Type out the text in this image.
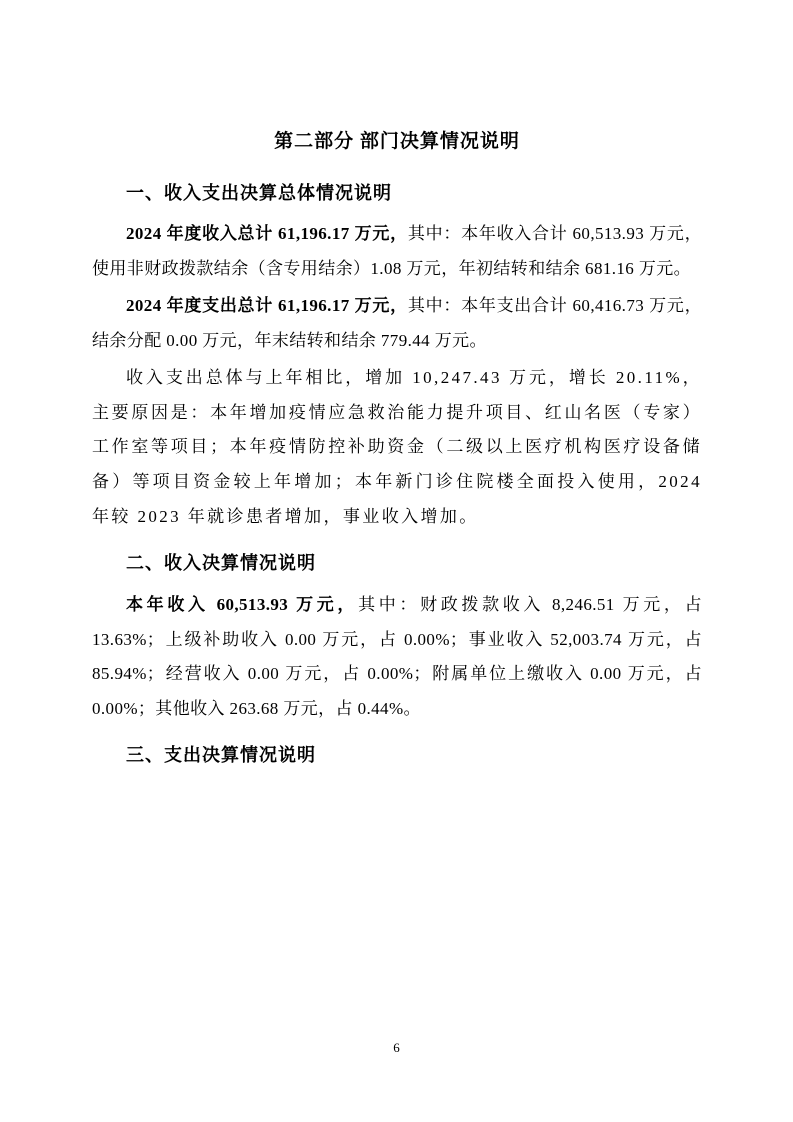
第二部分 部门决算情况说明
一、收入支出决算总体情况说明

2024 年度收入总计 61,196.17 万元，其中：本年收入合计 60,513.93 万元，使用非财政拨款结余（含专用结余）1.08 万元，年初结转和结余 681.16 万元。

2024 年度支出总计 61,196.17 万元，其中：本年支出合计 60,416.73 万元，结余分配 0.00 万元，年末结转和结余 779.44 万元。

收入支出总体与上年相比，增加 10,247.43 万元，增长 20.11%，主要原因是：本年增加疫情应急救治能力提升项目、红山名医（专家）工作室等项目；本年疫情防控补助资金（二级以上医疗机构医疗设备储备）等项目资金较上年增加；本年新门诊住院楼全面投入使用，2024 年较 2023 年就诊患者增加，事业收入增加。

二、收入决算情况说明

本年收入 60,513.93 万元，其中：财政拨款收入 8,246.51 万元，占 13.63%；上级补助收入 0.00 万元，占 0.00%；事业收入 52,003.74 万元，占 85.94%；经营收入 0.00 万元，占 0.00%；附属单位上缴收入 0.00 万元，占 0.00%；其他收入 263.68 万元，占 0.44%。

三、支出决算情况说明
6
